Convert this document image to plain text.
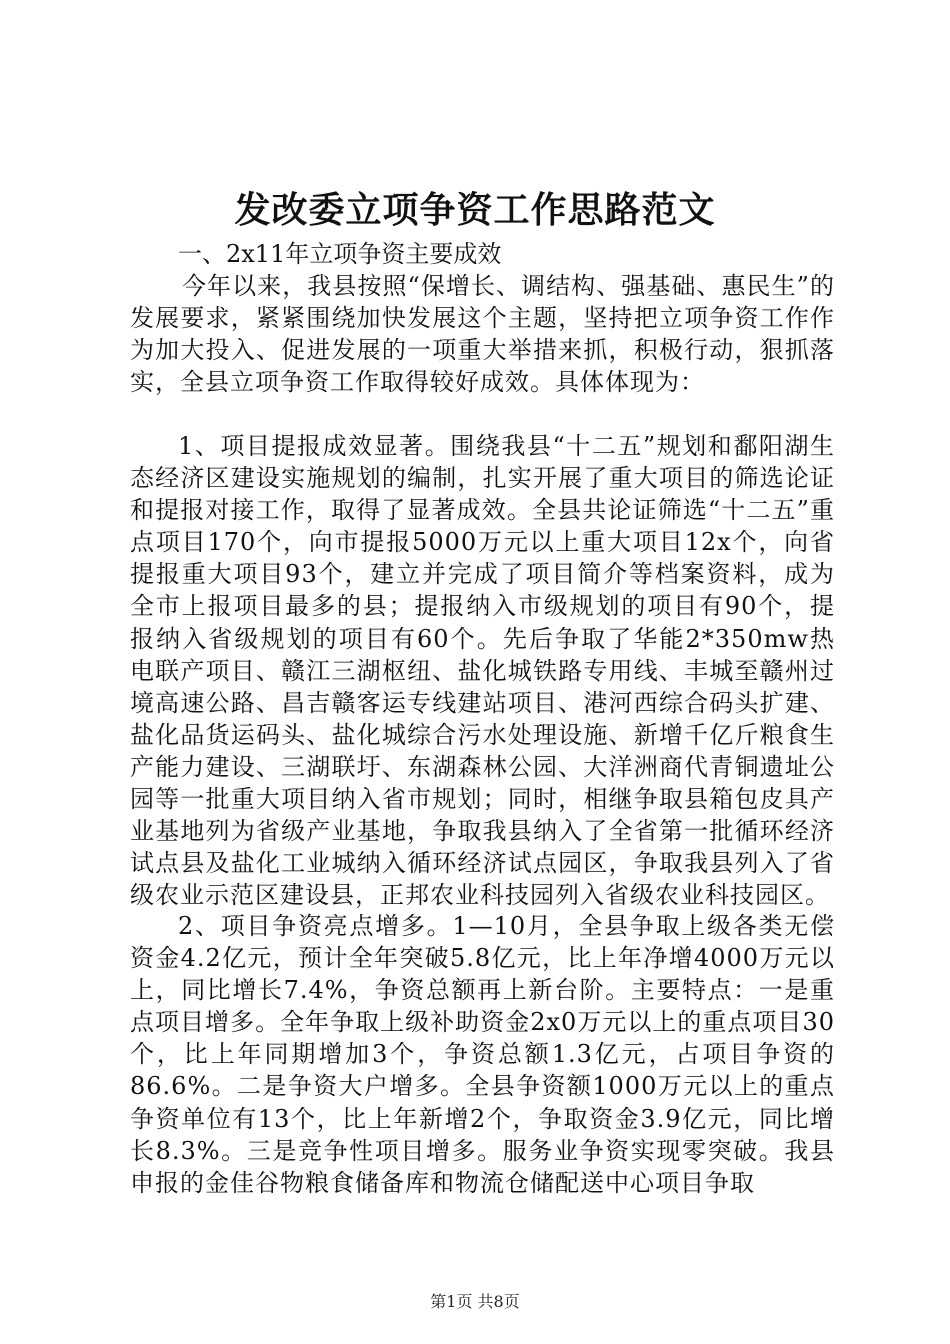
发改委立项争资工作思路范文

一、2x11年立项争资主要成效

今年以来，我县按照“保增长、调结构、强基础、惠民生”的发展要求，紧紧围绕加快发展这个主题，坚持把立项争资工作作为加大投入、促进发展的一项重大举措来抓，积极行动，狠抓落实，全县立项争资工作取得较好成效。具体体现为：

1、项目提报成效显著。围绕我县“十二五”规划和鄱阳湖生态经济区建设实施规划的编制，扎实开展了重大项目的筛选论证和提报对接工作，取得了显著成效。全县共论证筛选“十二五”重点项目170个，向市提报5000万元以上重大项目12x个，向省提报重大项目93个，建立并完成了项目简介等档案资料，成为全市上报项目最多的县；提报纳入市级规划的项目有90个，提报纳入省级规划的项目有60个。先后争取了华能2*350mw热电联产项目、赣江三湖枢纽、盐化城铁路专用线、丰城至赣州过境高速公路、昌吉赣客运专线建站项目、港河西综合码头扩建、盐化品货运码头、盐化城综合污水处理设施、新增千亿斤粮食生产能力建设、三湖联圩、东湖森林公园、大洋洲商代青铜遗址公园等一批重大项目纳入省市规划；同时，相继争取县箱包皮具产业基地列为省级产业基地，争取我县纳入了全省第一批循环经济试点县及盐化工业城纳入循环经济试点园区，争取我县列入了省级农业示范区建设县，正邦农业科技园列入省级农业科技园区。

2、项目争资亮点增多。1—10月，全县争取上级各类无偿资金4.2亿元，预计全年突破5.8亿元，比上年净增4000万元以上，同比增长7.4%，争资总额再上新台阶。主要特点：一是重点项目增多。全年争取上级补助资金2x0万元以上的重点项目30个，比上年同期增加3个，争资总额1.3亿元，占项目争资的86.6%。二是争资大户增多。全县争资额1000万元以上的重点争资单位有13个，比上年新增2个，争取资金3.9亿元，同比增长8.3%。三是竞争性项目增多。服务业争资实现零突破。我县申报的金佳谷物粮食储备库和物流仓储配送中心项目争取

第1页 共8页
